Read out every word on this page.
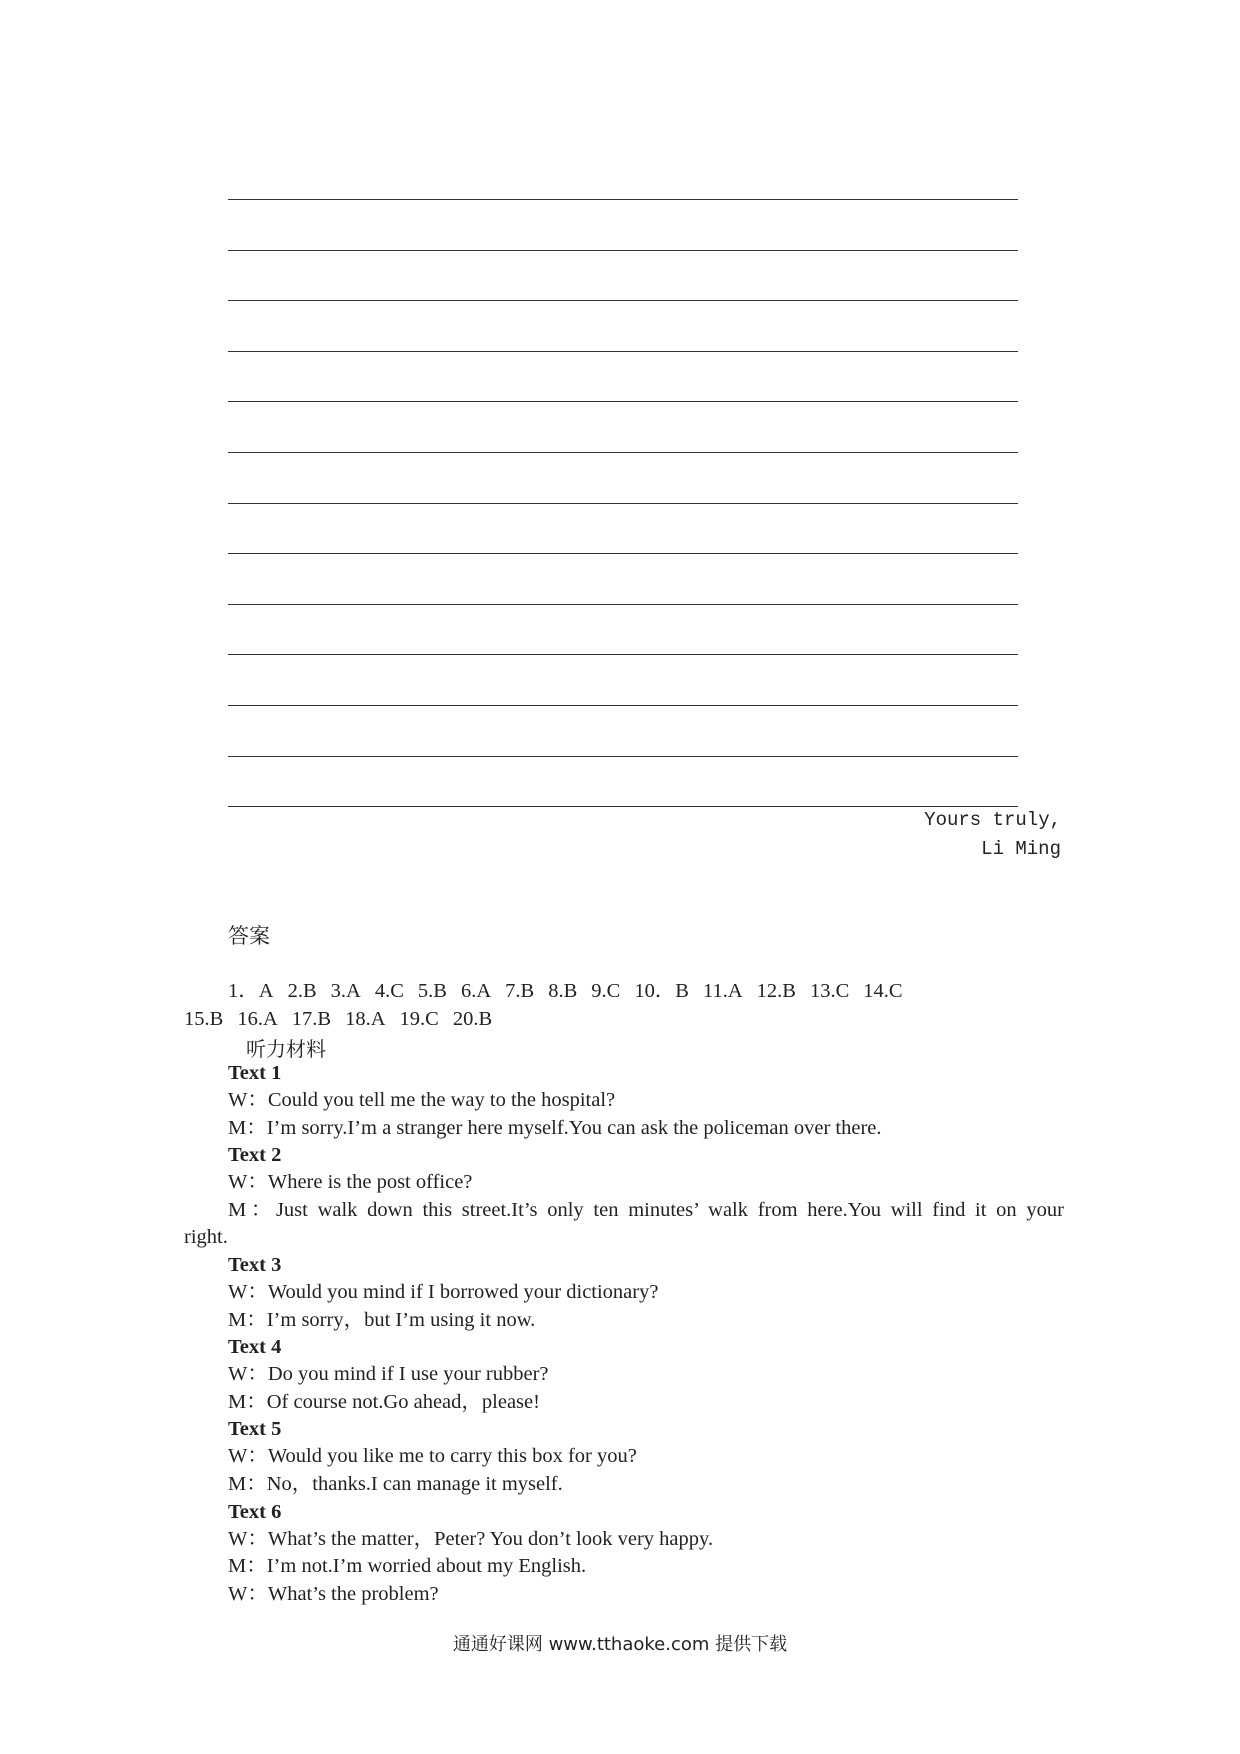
Yours truly,
Li Ming
答案
1．A 2.B 3.A 4.C 5.B 6.A 7.B 8.B 9.C 10．B 11.A 12.B 13.C 14.C
15.B 16.A 17.B 18.A 19.C 20.B
听力材料
Text 1
W：Could you tell me the way to the hospital?
M：I’m sorry.I’m a stranger here myself.You can ask the policeman over there.
Text 2
W：Where is the post office?
M：Just walk down this street.It’s only ten minutes’ walk from here.You will find it on your
right.
Text 3
W：Would you mind if I borrowed your dictionary?
M：I’m sorry，but I’m using it now.
Text 4
W：Do you mind if I use your rubber?
M：Of course not.Go ahead，please!
Text 5
W：Would you like me to carry this box for you?
M：No，thanks.I can manage it myself.
Text 6
W：What’s the matter，Peter? You don’t look very happy.
M：I’m not.I’m worried about my English.
W：What’s the problem?
通通好课网 www.tthaoke.com 提供下载
